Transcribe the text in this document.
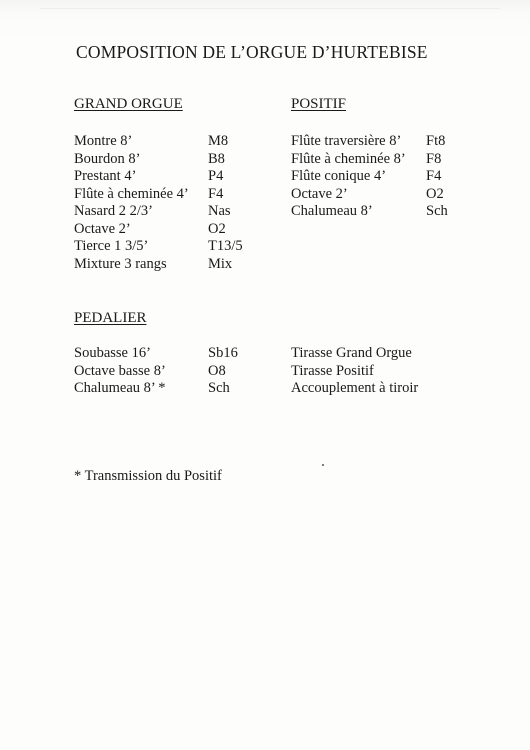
COMPOSITION DE L’ORGUE D’HURTEBISE
GRAND ORGUE
Montre 8’
Bourdon 8’
Prestant 4’
Flûte à cheminée 4’
Nasard 2 2/3’
Octave 2’
Tierce 1 3/5’
Mixture 3 rangs
M8
B8
P4
F4
Nas
O2
T13/5
Mix
POSITIF
Flûte traversière 8’
Flûte à cheminée 8’
Flûte conique 4’
Octave 2’
Chalumeau 8’
Ft8
F8
F4
O2
Sch
PEDALIER
Soubasse 16’
Octave basse 8’
Chalumeau 8’ *
Sb16
O8
Sch
Tirasse Grand Orgue
Tirasse Positif
Accouplement à tiroir
* Transmission du Positif
